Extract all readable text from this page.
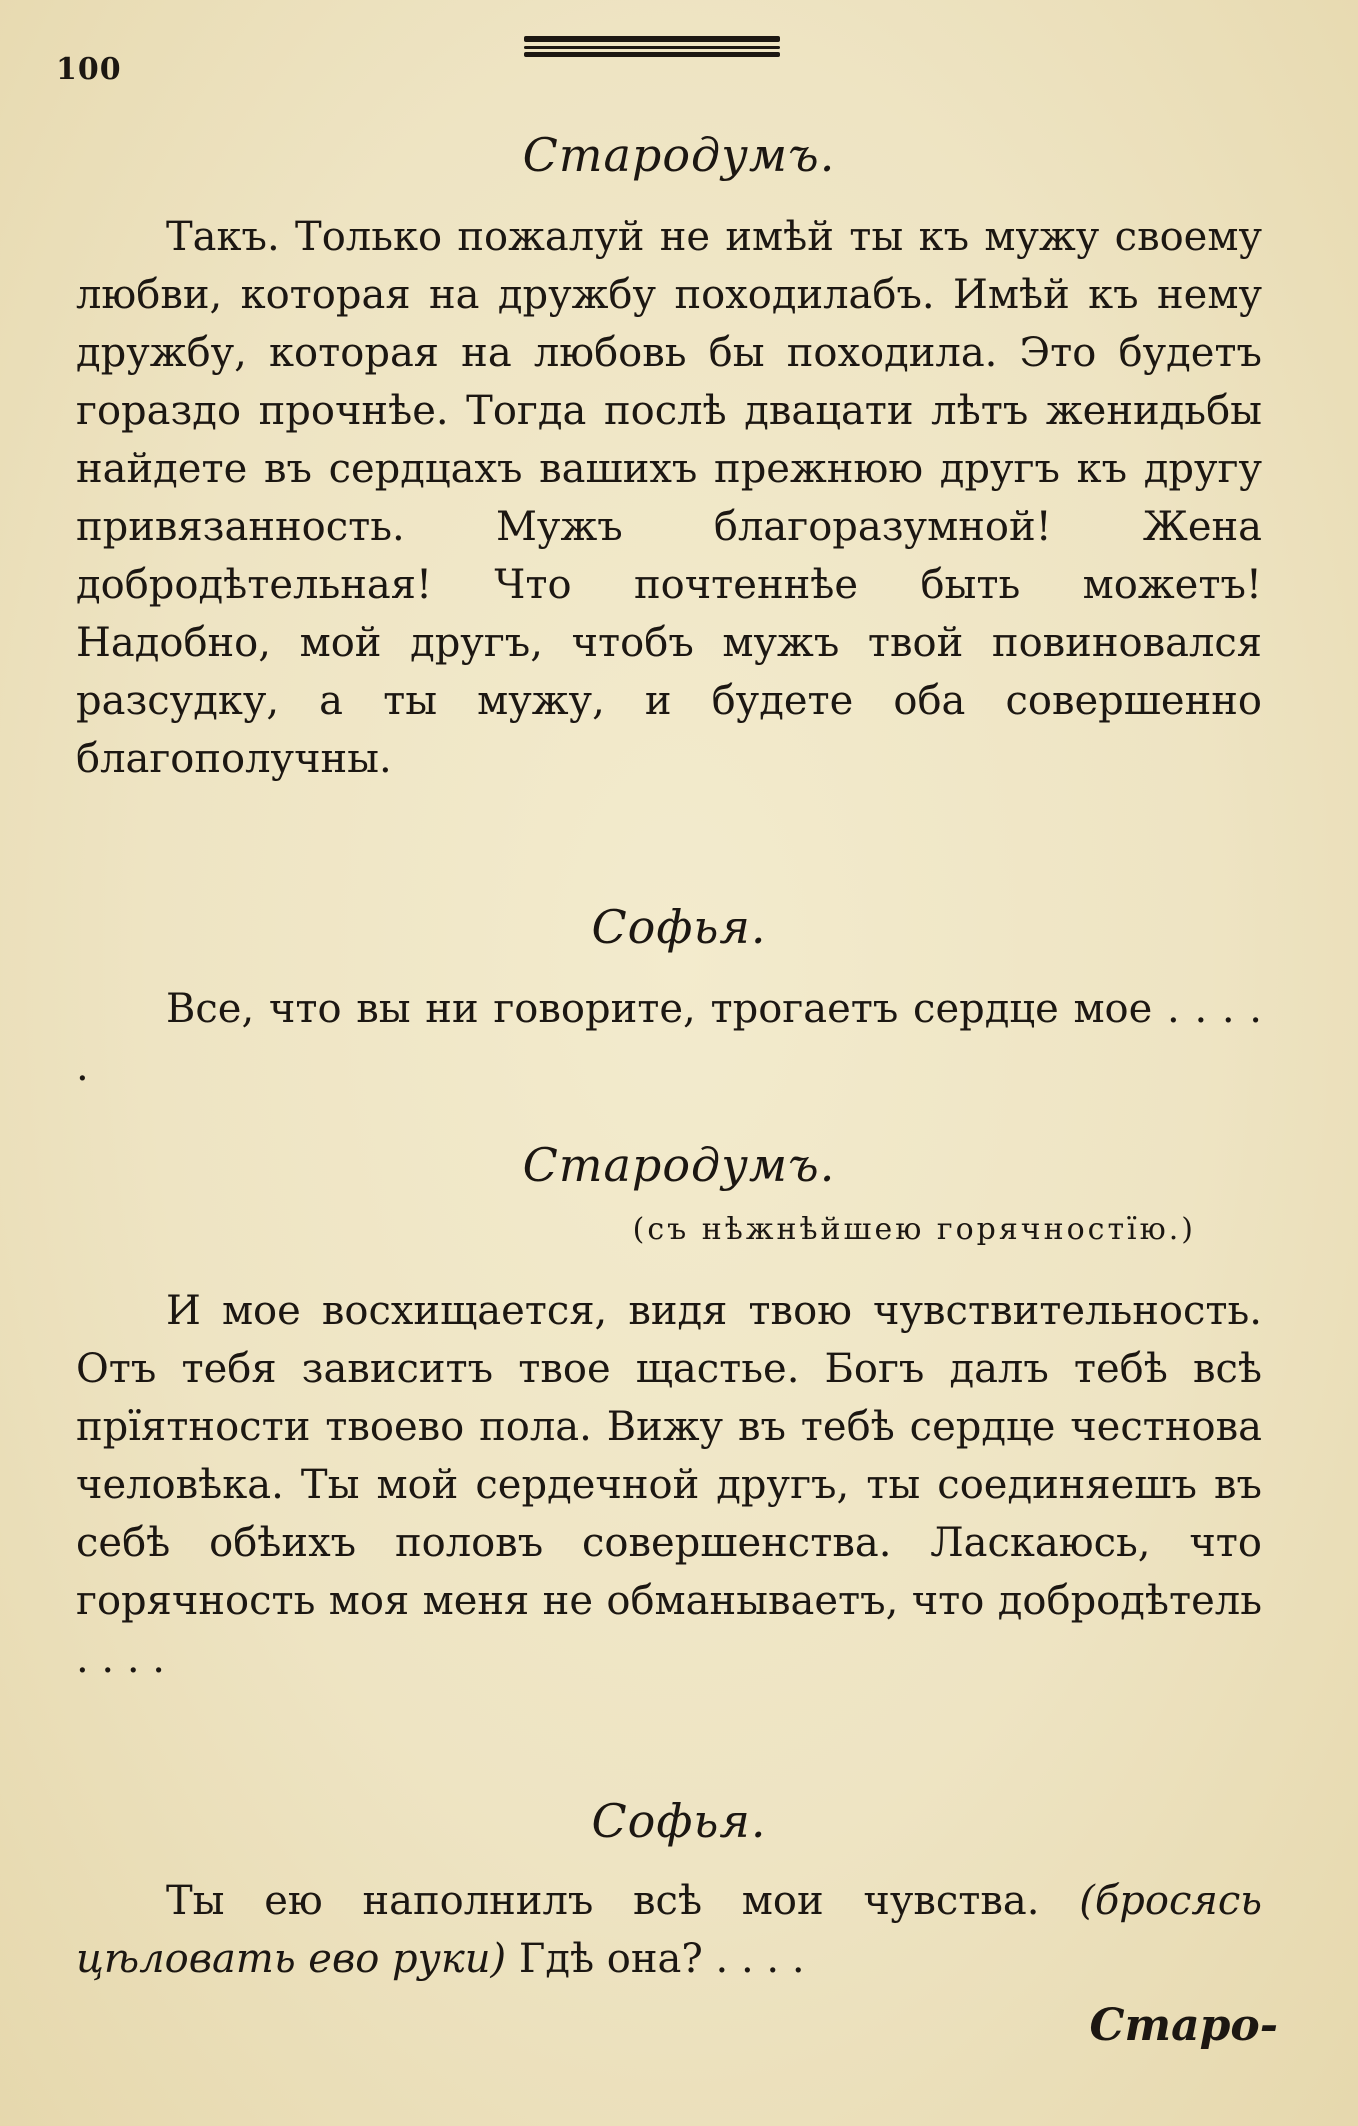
100
Стародумъ.

Такъ. Только пожалуй не имѣй ты къ мужу своему любви, которая на дружбу походилабъ. Имѣй къ нему дружбу, которая на любовь бы походила. Это будетъ гораздо прочнѣе. Тогда послѣ двацати лѣтъ женидьбы найдете въ сердцахъ вашихъ прежнюю другъ къ другу привязанность. Мужъ благоразумной! Жена добродѣтельная! Что почтеннѣе быть можетъ! Надобно, мой другъ, чтобъ мужъ твой повиновался разсудку, а ты мужу, и будете оба совершенно благополучны.

Софья.

Все, что вы ни говорите, трогаетъ сердце мое . . . . .

Стародумъ.
(съ нѣжнѣйшею горячностїю.)

И мое восхищается, видя твою чувствительность. Отъ тебя зависитъ твое щастье. Богъ далъ тебѣ всѣ прїятности твоево пола. Вижу въ тебѣ сердце честнова человѣка. Ты мой сердечной другъ, ты соединяешъ въ себѣ обѣихъ половъ совершенства. Ласкаюсь, что горячность моя меня не обманываетъ, что добродѣтель . . . .

Софья.

Ты ею наполнилъ всѣ мои чувства. (бросясь цѣловать ево руки) Гдѣ она? . . . .

Старо-
